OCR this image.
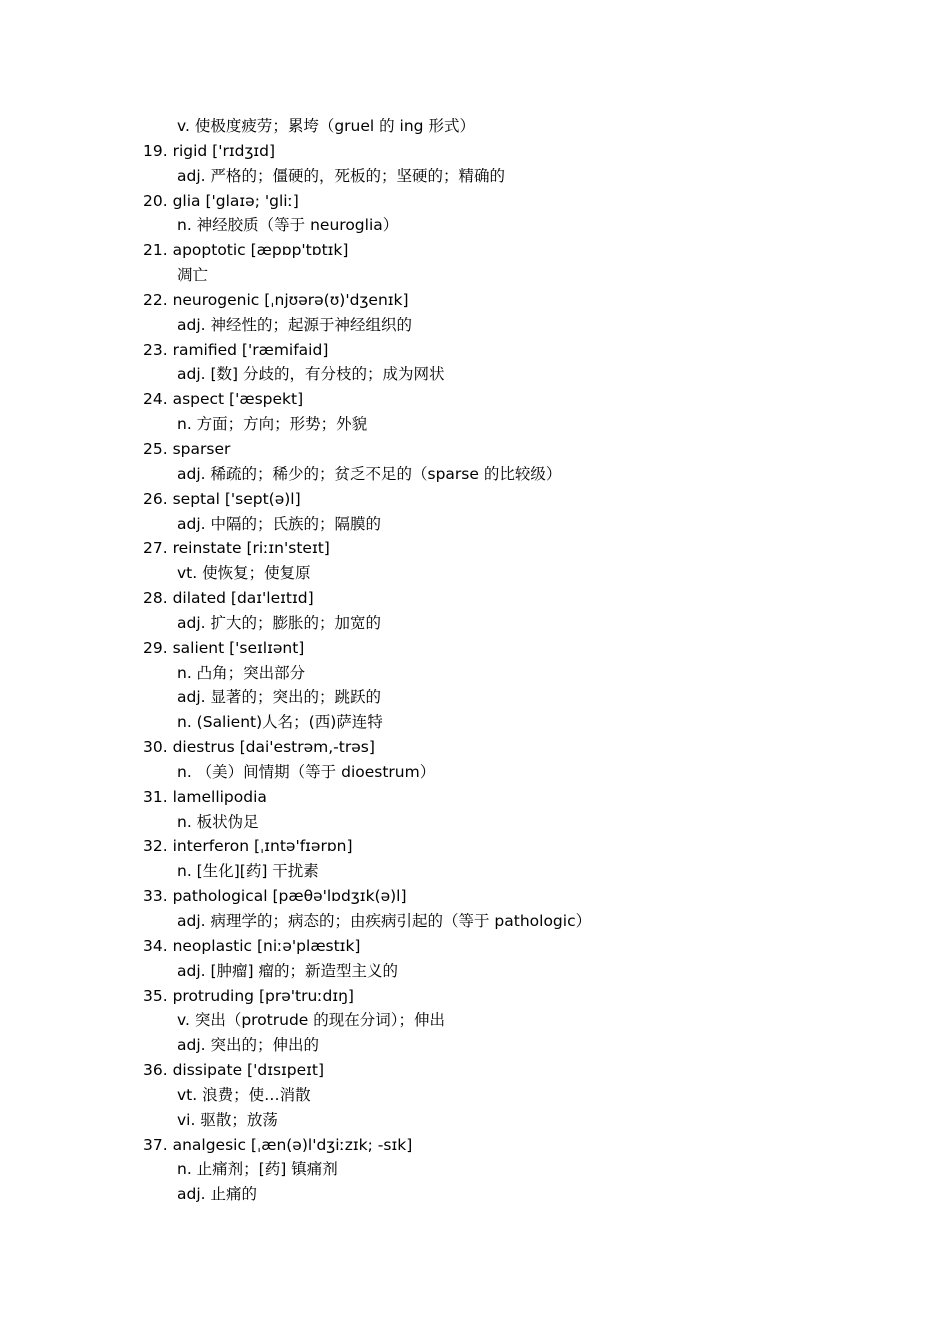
v. 使极度疲劳；累垮（gruel 的 ing 形式）
19. rigid ['rɪdʒɪd]
adj. 严格的；僵硬的，死板的；坚硬的；精确的
20. glia ['glaɪə; 'gliː]
n. 神经胶质（等于 neuroglia）
21. apoptotic [æpɒp'tɒtɪk]
凋亡
22. neurogenic [ˌnjʊərə(ʊ)'dʒenɪk]
adj. 神经性的；起源于神经组织的
23. ramified ['ræmifaid]
adj. [数] 分歧的，有分枝的；成为网状
24. aspect ['æspekt]
n. 方面；方向；形势；外貌
25. sparser
adj. 稀疏的；稀少的；贫乏不足的（sparse 的比较级）
26. septal ['sept(ə)l]
adj. 中隔的；氏族的；隔膜的
27. reinstate [riːɪn'steɪt]
vt. 使恢复；使复原
28. dilated [daɪ'leɪtɪd]
adj. 扩大的；膨胀的；加宽的
29. salient ['seɪlɪənt]
n. 凸角；突出部分
adj. 显著的；突出的；跳跃的
n. (Salient)人名；(西)萨连特
30. diestrus [dai'estrəm,-trəs]
n. （美）间情期（等于 dioestrum）
31. lamellipodia
n. 板状伪足
32. interferon [ˌɪntə'fɪərɒn]
n. [生化][药] 干扰素
33. pathological [pæθə'lɒdʒɪk(ə)l]
adj. 病理学的；病态的；由疾病引起的（等于 pathologic）
34. neoplastic [niːə'plæstɪk]
adj. [肿瘤] 瘤的；新造型主义的
35. protruding [prə'truːdɪŋ]
v. 突出（protrude 的现在分词）；伸出
adj. 突出的；伸出的
36. dissipate ['dɪsɪpeɪt]
vt. 浪费；使…消散
vi. 驱散；放荡
37. analgesic [ˌæn(ə)l'dʒiːzɪk; -sɪk]
n. 止痛剂；[药] 镇痛剂
adj. 止痛的
